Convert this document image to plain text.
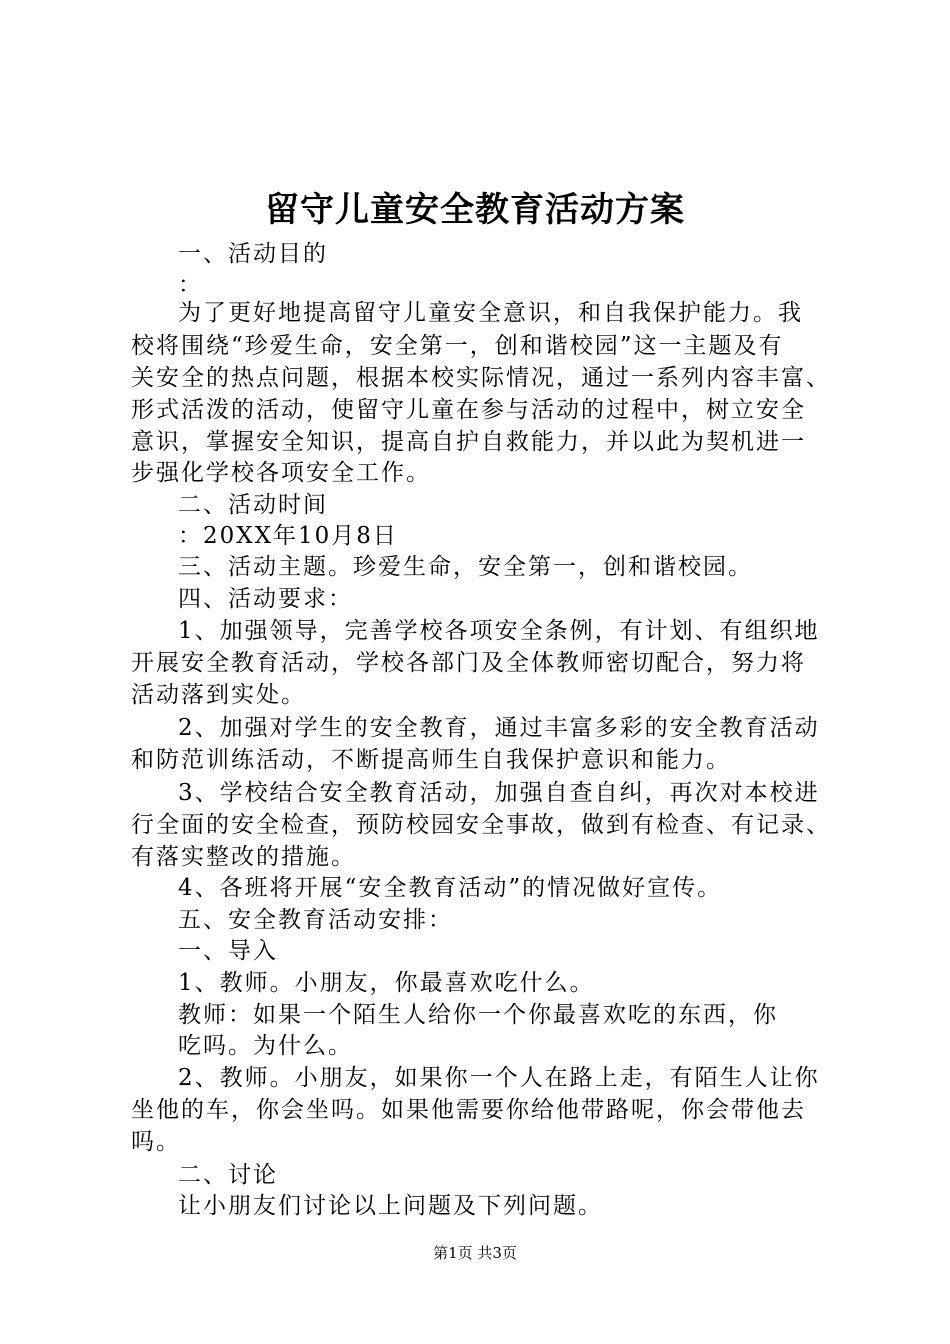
留守儿童安全教育活动方案
一、活动目的
：
为了更好地提高留守儿童安全意识，和自我保护能力。我
校将围绕“珍爱生命，安全第一，创和谐校园”这一主题及有
关安全的热点问题，根据本校实际情况，通过一系列内容丰富、
形式活泼的活动，使留守儿童在参与活动的过程中，树立安全
意识，掌握安全知识，提高自护自救能力，并以此为契机进一
步强化学校各项安全工作。
二、活动时间
：20XX年10月8日
三、活动主题。珍爱生命，安全第一，创和谐校园。
四、活动要求：
1、加强领导，完善学校各项安全条例，有计划、有组织地
开展安全教育活动，学校各部门及全体教师密切配合，努力将
活动落到实处。
2、加强对学生的安全教育，通过丰富多彩的安全教育活动
和防范训练活动，不断提高师生自我保护意识和能力。
3、学校结合安全教育活动，加强自查自纠，再次对本校进
行全面的安全检查，预防校园安全事故，做到有检查、有记录、
有落实整改的措施。
4、各班将开展“安全教育活动”的情况做好宣传。
五、安全教育活动安排：
一、导入
1、教师。小朋友，你最喜欢吃什么。
教师：如果一个陌生人给你一个你最喜欢吃的东西，你
吃吗。为什么。
2、教师。小朋友，如果你一个人在路上走，有陌生人让你
坐他的车，你会坐吗。如果他需要你给他带路呢，你会带他去
吗。
二、讨论
让小朋友们讨论以上问题及下列问题。
第1页 共3页
